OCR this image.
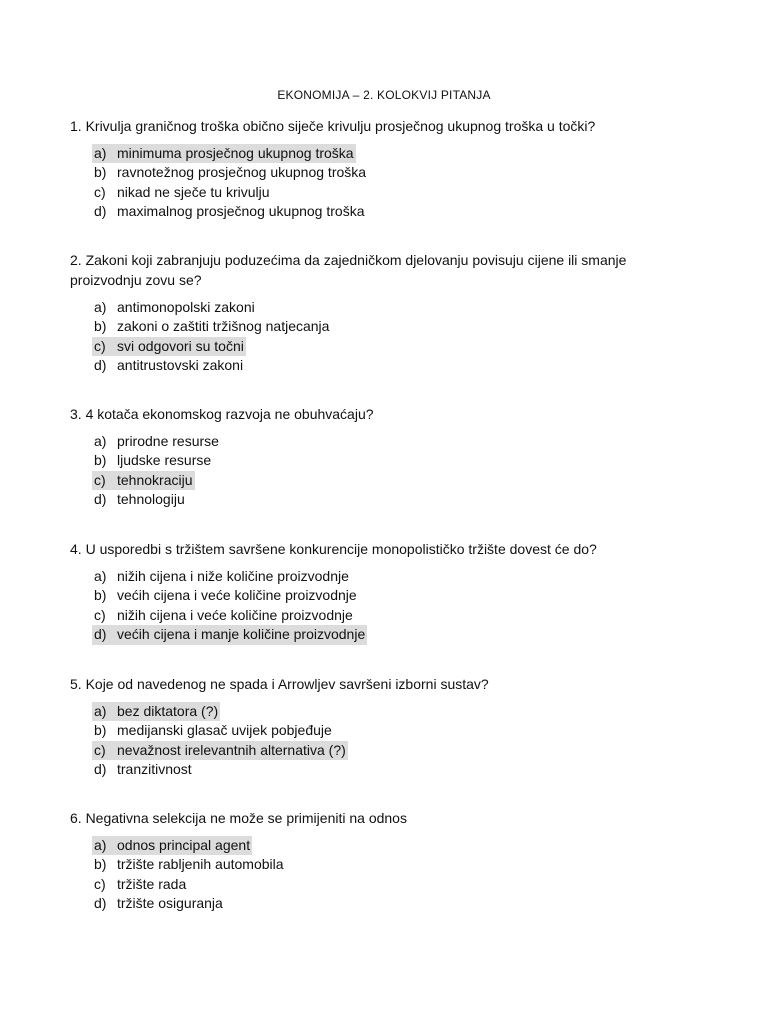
EKONOMIJA – 2. KOLOKVIJ PITANJA

1. Krivulja graničnog troška obično siječe krivulju prosječnog ukupnog troška u točki?

a) minimuma prosječnog ukupnog troška
b) ravnotežnog prosječnog ukupnog troška
c) nikad ne sječe tu krivulju
d) maximalnog prosječnog ukupnog troška

2. Zakoni koji zabranjuju poduzećima da zajedničkom djelovanju povisuju cijene ili smanje proizvodnju zovu se?

a) antimonopolski zakoni
b) zakoni o zaštiti tržišnog natjecanja
c) svi odgovori su točni
d) antitrustovski zakoni

3. 4 kotača ekonomskog razvoja ne obuhvaćaju?

a) prirodne resurse
b) ljudske resurse
c) tehnokraciju
d) tehnologiju

4. U usporedbi s tržištem savršene konkurencije monopolističko tržište dovest će do?

a) nižih cijena i niže količine proizvodnje
b) većih cijena i veće količine proizvodnje
c) nižih cijena i veće količine proizvodnje
d) većih cijena i manje količine proizvodnje

5. Koje od navedenog ne spada i Arrowljev savršeni izborni sustav?

a) bez diktatora (?)
b) medijanski glasač uvijek pobjeđuje
c) nevažnost irelevantnih alternativa (?)
d) tranzitivnost

6. Negativna selekcija ne može se primijeniti na odnos

a) odnos principal agent
b) tržište rabljenih automobila
c) tržište rada
d) tržište osiguranja
